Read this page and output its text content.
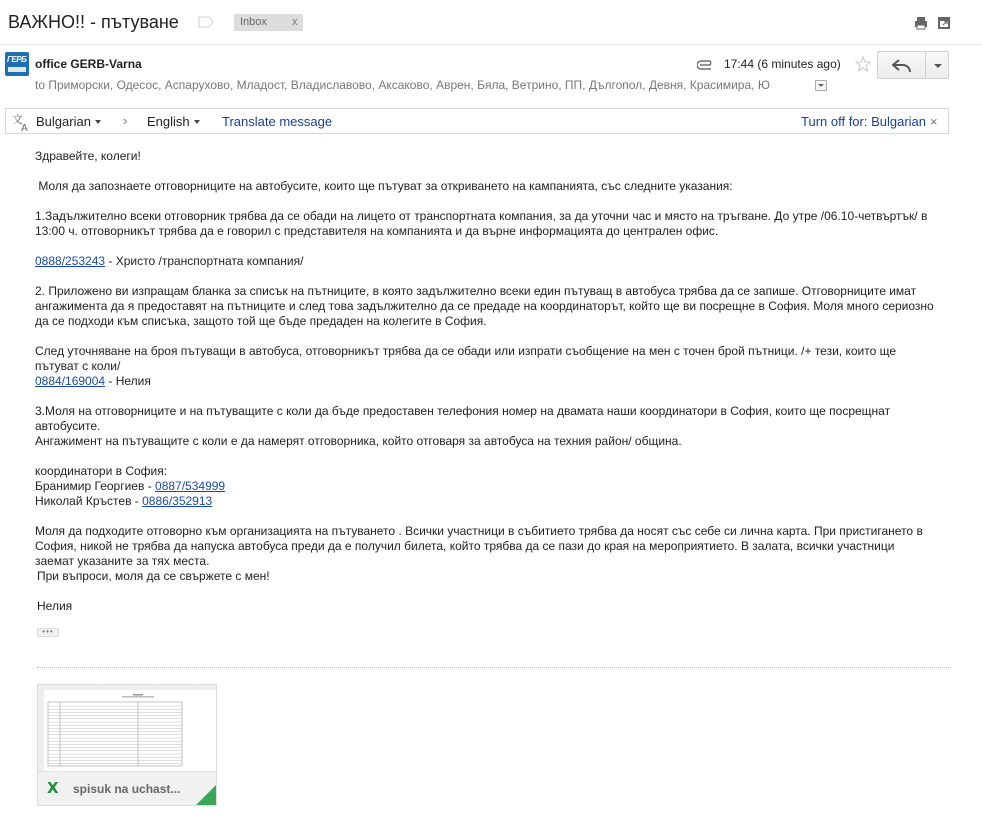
ВАЖНО!! - пътуване	Inbox x
ГЕРБ office GERB-Varna
to Приморски, Одесос, Аспарухово, Младост, Владиславово, Аксаково, Аврен, Бяла, Ветрино, ПП, Дългопол, Девня, Красимира, Ю
17:44 (6 minutes ago)
文
A Bulgarian	› English	Translate message	Turn off for: Bulgarian ×

Здравейте, колеги!

Моля да запознаете отговорниците на автобусите, които ще пътуват за откриването на кампанията, със следните указания:

1.Задължително всеки отговорник трябва да се обади на лицето от транспортната компания, за да уточни час и място на тръгване. До утре /06.10-четвъртък/ в 13:00 ч. отговорникът трябва да е говорил с представителя на компанията и да върне информацията до централен офис.

0888/253243 - Христо /транспортната компания/

2. Приложено ви изпращам бланка за списък на пътниците, в която задължително всеки един пътуващ в автобуса трябва да се запише. Отговорниците имат ангажимента да я предоставят на пътниците и след това задължително да се предаде на координаторът, който ще ви посрещне в София. Моля много сериозно да се подходи към списъка, защото той ще бъде предаден на колегите в София.

След уточняване на броя пътуващи в автобуса, отговорникът трябва да се обади или изпрати съобщение на мен с точен брой пътници. /+ тези, които ще пътуват с коли/

0884/169004 - Нелия

3.Моля на отговорниците и на пътуващите с коли да бъде предоставен телефония номер на двамата наши координатори в София, които ще посрещнат автобусите.

Ангажимент на пътуващите с коли е да намерят отговорника, който отговаря за автобуса на техния район/ община.

координатори в София:

Бранимир Георгиев - 0887/534999

Николай Кръстев - 0886/352913

Моля да подходите отговорно към организацията на пътуването . Всички участници в събитието трябва да носят със себе си лична карта. При пристигането в София, никой не трябва да напуска автобуса преди да е получил билета, който трябва да се пази до края на мероприятието. В залата, всички участници заемат указаните за тях места.

При въпроси, моля да се свържете с мен!

Нелия

•••
X	spisuk na uchast...
